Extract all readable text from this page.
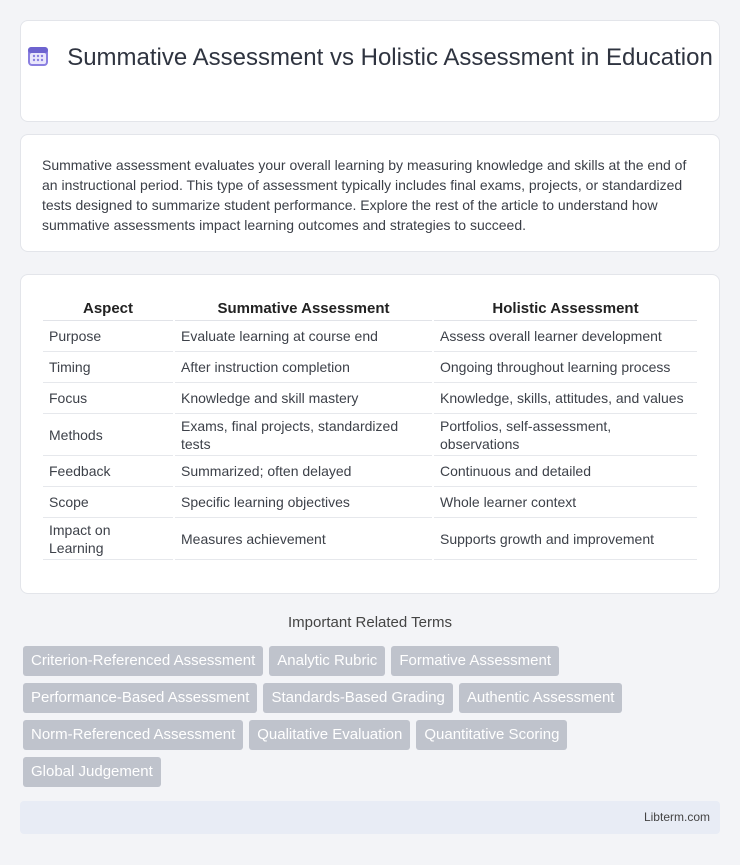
Summative Assessment vs Holistic Assessment in Education

Summative assessment evaluates your overall learning by measuring knowledge and skills at the end of an instructional period. This type of assessment typically includes final exams, projects, or standardized tests designed to summarize student performance. Explore the rest of the article to understand how summative assessments impact learning outcomes and strategies to succeed.

Aspect	Summative Assessment	Holistic Assessment
Purpose	Evaluate learning at course end	Assess overall learner development
Timing	After instruction completion	Ongoing throughout learning process
Focus	Knowledge and skill mastery	Knowledge, skills, attitudes, and values
Methods	Exams, final projects, standardized tests	Portfolios, self-assessment, observations
Feedback	Summarized; often delayed	Continuous and detailed
Scope	Specific learning objectives	Whole learner context
Impact on Learning	Measures achievement	Supports growth and improvement
Important Related Terms
Criterion-Referenced Assessment Analytic Rubric Formative Assessment
Performance-Based Assessment Standards-Based Grading Authentic Assessment
Norm-Referenced Assessment Qualitative Evaluation Quantitative Scoring
Global Judgement
Libterm.com
